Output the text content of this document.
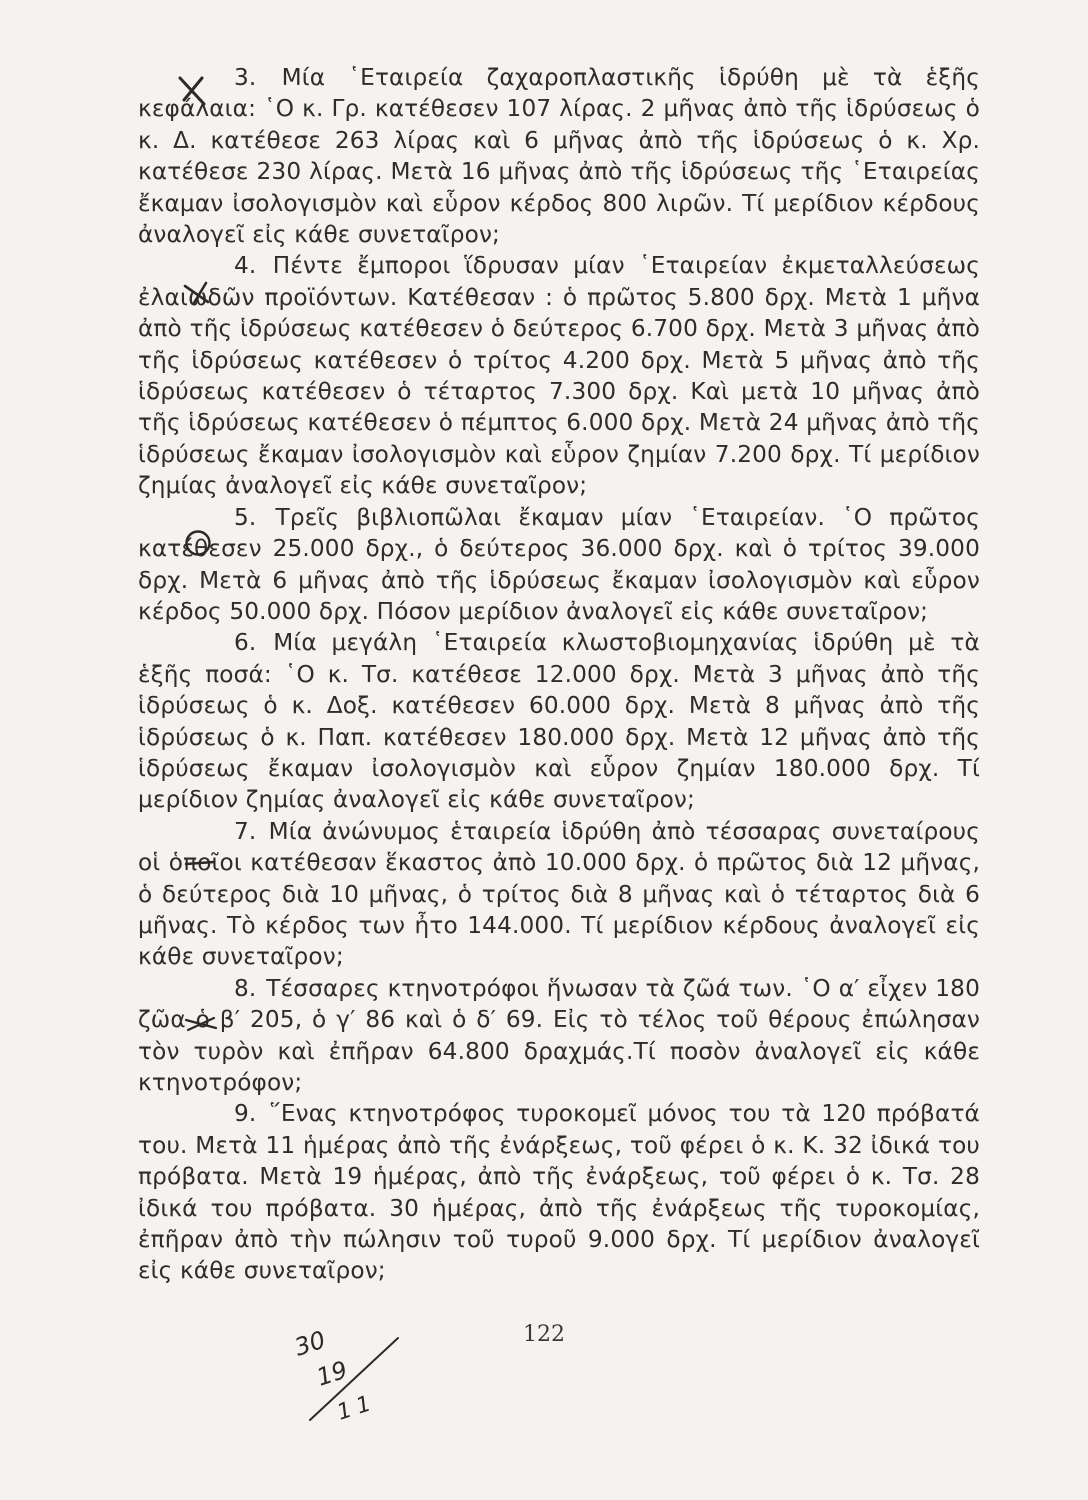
3. Μία ῾Εταιρεία ζαχαροπλαστικῆς ἱδρύθη μὲ τὰ ἑξῆς κεφάλαια: ῾Ο κ. Γρ. κατέθεσεν 107 λίρας. 2 μῆνας ἀπὸ τῆς ἱδρύσεως ὁ κ. Δ. κατέθεσε 263 λίρας καὶ 6 μῆνας ἀπὸ τῆς ἱδρύσεως ὁ κ. Χρ. κατέθεσε 230 λίρας. Μετὰ 16 μῆνας ἀπὸ τῆς ἱδρύσεως τῆς ῾Εταιρείας ἔκαμαν ἰσολογισμὸν καὶ εὗρον κέρδος 800 λιρῶν. Τί μερίδιον κέρδους ἀναλογεῖ εἰς κάθε συνεταῖρον;

4. Πέντε ἔμποροι ἵδρυσαν μίαν ῾Εταιρείαν ἐκμεταλλεύσεως ἐλαιωδῶν προϊόντων. Κατέθεσαν : ὁ πρῶτος 5.800 δρχ. Μετὰ 1 μῆνα ἀπὸ τῆς ἱδρύσεως κατέθεσεν ὁ δεύτερος 6.700 δρχ. Μετὰ 3 μῆνας ἀπὸ τῆς ἱδρύσεως κατέθεσεν ὁ τρίτος 4.200 δρχ. Μετὰ 5 μῆνας ἀπὸ τῆς ἱδρύσεως κατέθεσεν ὁ τέταρτος 7.300 δρχ. Καὶ μετὰ 10 μῆνας ἀπὸ τῆς ἱδρύσεως κατέθεσεν ὁ πέμπτος 6.000 δρχ. Μετὰ 24 μῆνας ἀπὸ τῆς ἱδρύσεως ἔκαμαν ἰσολογισμὸν καὶ εὗρον ζημίαν 7.200 δρχ. Τί μερίδιον ζημίας ἀναλογεῖ εἰς κάθε συνεταῖρον;

5. Τρεῖς βιβλιοπῶλαι ἔκαμαν μίαν ῾Εταιρείαν. ῾Ο πρῶτος κατέθεσεν 25.000 δρχ., ὁ δεύτερος 36.000 δρχ. καὶ ὁ τρίτος 39.000 δρχ. Μετὰ 6 μῆνας ἀπὸ τῆς ἱδρύσεως ἔκαμαν ἰσολογισμὸν καὶ εὗρον κέρδος 50.000 δρχ. Πόσον μερίδιον ἀναλογεῖ εἰς κάθε συνεταῖρον;

6. Μία μεγάλη ῾Εταιρεία κλωστοβιομηχανίας ἱδρύθη μὲ τὰ ἑξῆς ποσά: ῾Ο κ. Τσ. κατέθεσε 12.000 δρχ. Μετὰ 3 μῆνας ἀπὸ τῆς ἱδρύσεως ὁ κ. Δοξ. κατέθεσεν 60.000 δρχ. Μετὰ 8 μῆνας ἀπὸ τῆς ἱδρύσεως ὁ κ. Παπ. κατέθεσεν 180.000 δρχ. Μετὰ 12 μῆνας ἀπὸ τῆς ἱδρύσεως ἔκαμαν ἰσολογισμὸν καὶ εὗρον ζημίαν 180.000 δρχ. Τί μερίδιον ζημίας ἀναλογεῖ εἰς κάθε συνεταῖρον;

7. Μία ἀνώνυμος ἑταιρεία ἱδρύθη ἀπὸ τέσσαρας συνεταίρους οἱ ὁποῖοι κατέθεσαν ἕκαστος ἀπὸ 10.000 δρχ. ὁ πρῶτος διὰ 12 μῆνας, ὁ δεύτερος διὰ 10 μῆνας, ὁ τρίτος διὰ 8 μῆνας καὶ ὁ τέταρτος διὰ 6 μῆνας. Τὸ κέρδος των ἦτο 144.000. Τί μερίδιον κέρδους ἀναλογεῖ εἰς κάθε συνεταῖρον;

8. Τέσσαρες κτηνοτρόφοι ἥνωσαν τὰ ζῶά των. ῾Ο α′ εἶχεν 180 ζῶα ὁ β′ 205, ὁ γ′ 86 καὶ ὁ δ′ 69. Εἰς τὸ τέλος τοῦ θέρους ἐπώλησαν τὸν τυρὸν καὶ ἐπῆραν 64.800 δραχμάς.Τί ποσὸν ἀναλογεῖ εἰς κάθε κτηνοτρόφον;

9. ῞Ενας κτηνοτρόφος τυροκομεῖ μόνος του τὰ 120 πρόβατά του. Μετὰ 11 ἡμέρας ἀπὸ τῆς ἐνάρξεως, τοῦ φέρει ὁ κ. Κ. 32 ἰδικά του πρόβατα. Μετὰ 19 ἡμέρας, ἀπὸ τῆς ἐνάρξεως, τοῦ φέρει ὁ κ. Τσ. 28 ἰδικά του πρόβατα. 30 ἡμέρας, ἀπὸ τῆς ἐνάρξεως τῆς τυροκομίας, ἐπῆραν ἀπὸ τὴν πώλησιν τοῦ τυροῦ 9.000 δρχ. Τί μερίδιον ἀναλογεῖ εἰς κάθε συνεταῖρον;

122
30
19
11
